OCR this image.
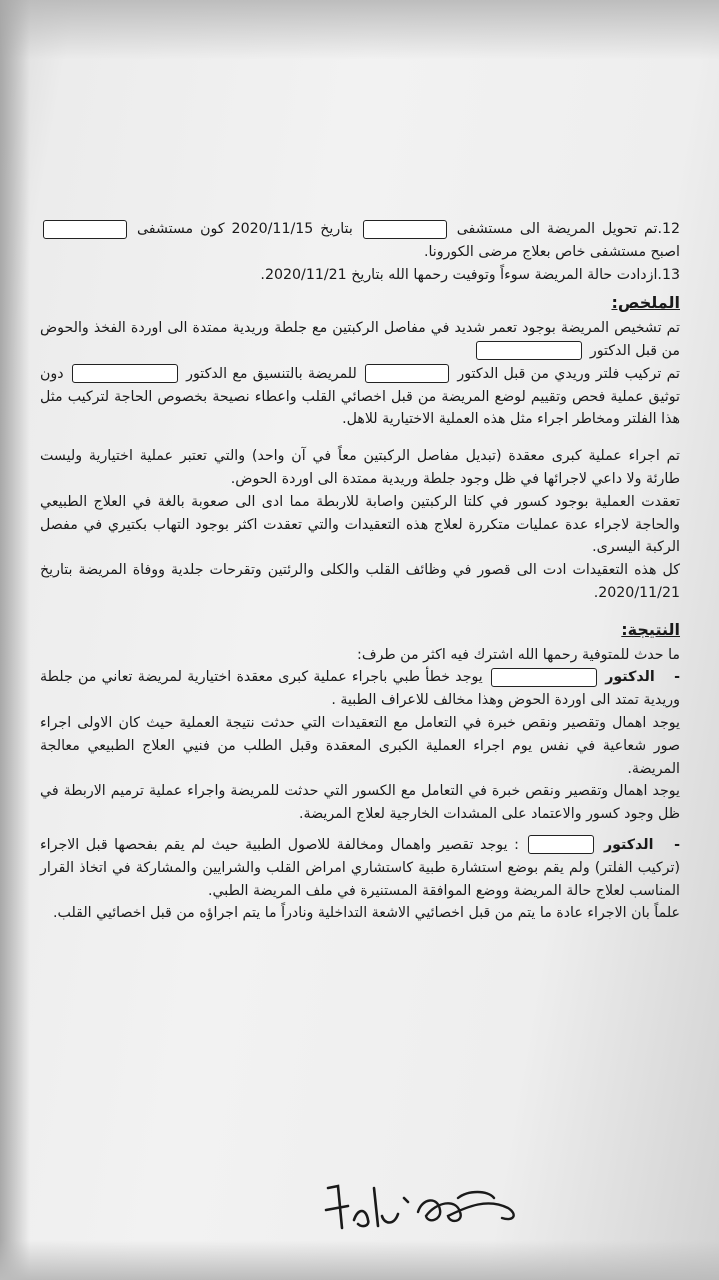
12.تم تحويل المريضة الى مستشفى  بتاريخ 2020/11/15 كون مستشفى  اصبح مستشفى خاص بعلاج مرضى الكورونا.

13.ازدادت حالة المريضة سوءاً وتوفيت رحمها الله بتاريخ 2020/11/21.

الملخص:

تم تشخيص المريضة بوجود تعمر شديد في مفاصل الركبتين مع جلطة وريدية ممتدة الى اوردة الفخذ والحوض من قبل الدكتور

تم تركيب فلتر وريدي من قبل الدكتور  للمريضة بالتنسيق مع الدكتور  دون توثيق عملية فحص وتقييم لوضع المريضة من قبل اخصائي القلب واعطاء نصيحة بخصوص الحاجة لتركيب مثل هذا الفلتر ومخاطر اجراء مثل هذه العملية الاختيارية للاهل.

تم اجراء عملية كبرى معقدة (تبديل مفاصل الركبتين معاً في آن واحد) والتي تعتبر عملية اختيارية وليست طارئة ولا داعي لاجرائها في ظل وجود جلطة وريدية ممتدة الى اوردة الحوض.

تعقدت العملية بوجود كسور في كلتا الركبتين واصابة للاربطة مما ادى الى صعوبة بالغة في العلاج الطبيعي والحاجة لاجراء عدة عمليات متكررة لعلاج هذه التعقيدات والتي تعقدت اكثر بوجود التهاب بكتيري في مفصل الركبة اليسرى.

كل هذه التعقيدات ادت الى قصور في وظائف القلب والكلى والرئتين وتقرحات جلدية ووفاة المريضة بتاريخ 2020/11/21.

النتيجة:

ما حدث للمتوفية رحمها الله اشترك فيه اكثر من طرف:

- الدكتور  يوجد خطأ طبي باجراء عملية كبرى معقدة اختيارية لمريضة تعاني من جلطة وريدية تمتد الى اوردة الحوض وهذا مخالف للاعراف الطبية .

يوجد اهمال وتقصير ونقص خبرة في التعامل مع التعقيدات التي حدثت نتيجة العملية حيث كان الاولى اجراء صور شعاعية في نفس يوم اجراء العملية الكبرى المعقدة وقبل الطلب من فنيي العلاج الطبيعي معالجة المريضة.

يوجد اهمال وتقصير ونقص خبرة في التعامل مع الكسور التي حدثت للمريضة واجراء عملية ترميم الاربطة في ظل وجود كسور والاعتماد على المشدات الخارجية لعلاج المريضة.

- الدكتور  : يوجد تقصير واهمال ومخالفة للاصول الطبية حيث لم يقم بفحصها قبل الاجراء (تركيب الفلتر) ولم يقم بوضع استشارة طبية كاستشاري امراض القلب والشرايين والمشاركة في اتخاذ القرار المناسب لعلاج حالة المريضة ووضع الموافقة المستنيرة في ملف المريضة الطبي.

علماً بان الاجراء عادة ما يتم من قبل اخصائيي الاشعة التداخلية ونادراً ما يتم اجراؤه من قبل اخصائيي القلب.
